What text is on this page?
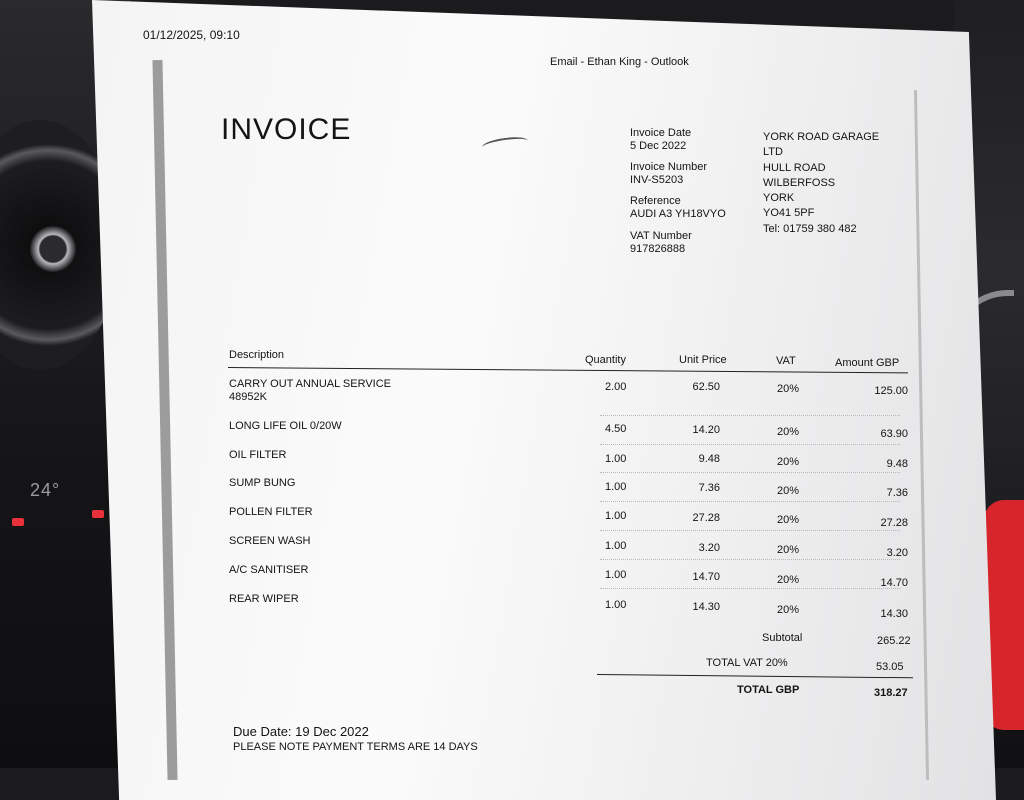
24°
01/12/2025, 09:10
Email - Ethan King - Outlook
INVOICE	Invoice Date
5 Dec 2022
Invoice Number
INV-S5203
Reference
AUDI A3 YH18VYO
VAT Number
917826888
YORK ROAD GARAGE
LTD
HULL ROAD
WILBERFOSS
YORK
YO41 5PF
Tel: 01759 380 482
Description	Quantity	Unit Price	VAT	Amount GBP
CARRY OUT ANNUAL SERVICE
48952K
2.00	62.50	20%	125.00
LONG LIFE OIL 0/20W	4.50	14.20	20%	63.90
OIL FILTER	1.00	9.48	20%	9.48
SUMP BUNG	1.00	7.36	20%	7.36
POLLEN FILTER	1.00	27.28	20%	27.28
SCREEN WASH	1.00	3.20	20%	3.20
A/C SANITISER	1.00	14.70	20%	14.70
REAR WIPER	1.00	14.30	20%	14.30
Subtotal	265.22
TOTAL VAT 20%	53.05
TOTAL GBP	318.27
Due Date: 19 Dec 2022
PLEASE NOTE PAYMENT TERMS ARE 14 DAYS
